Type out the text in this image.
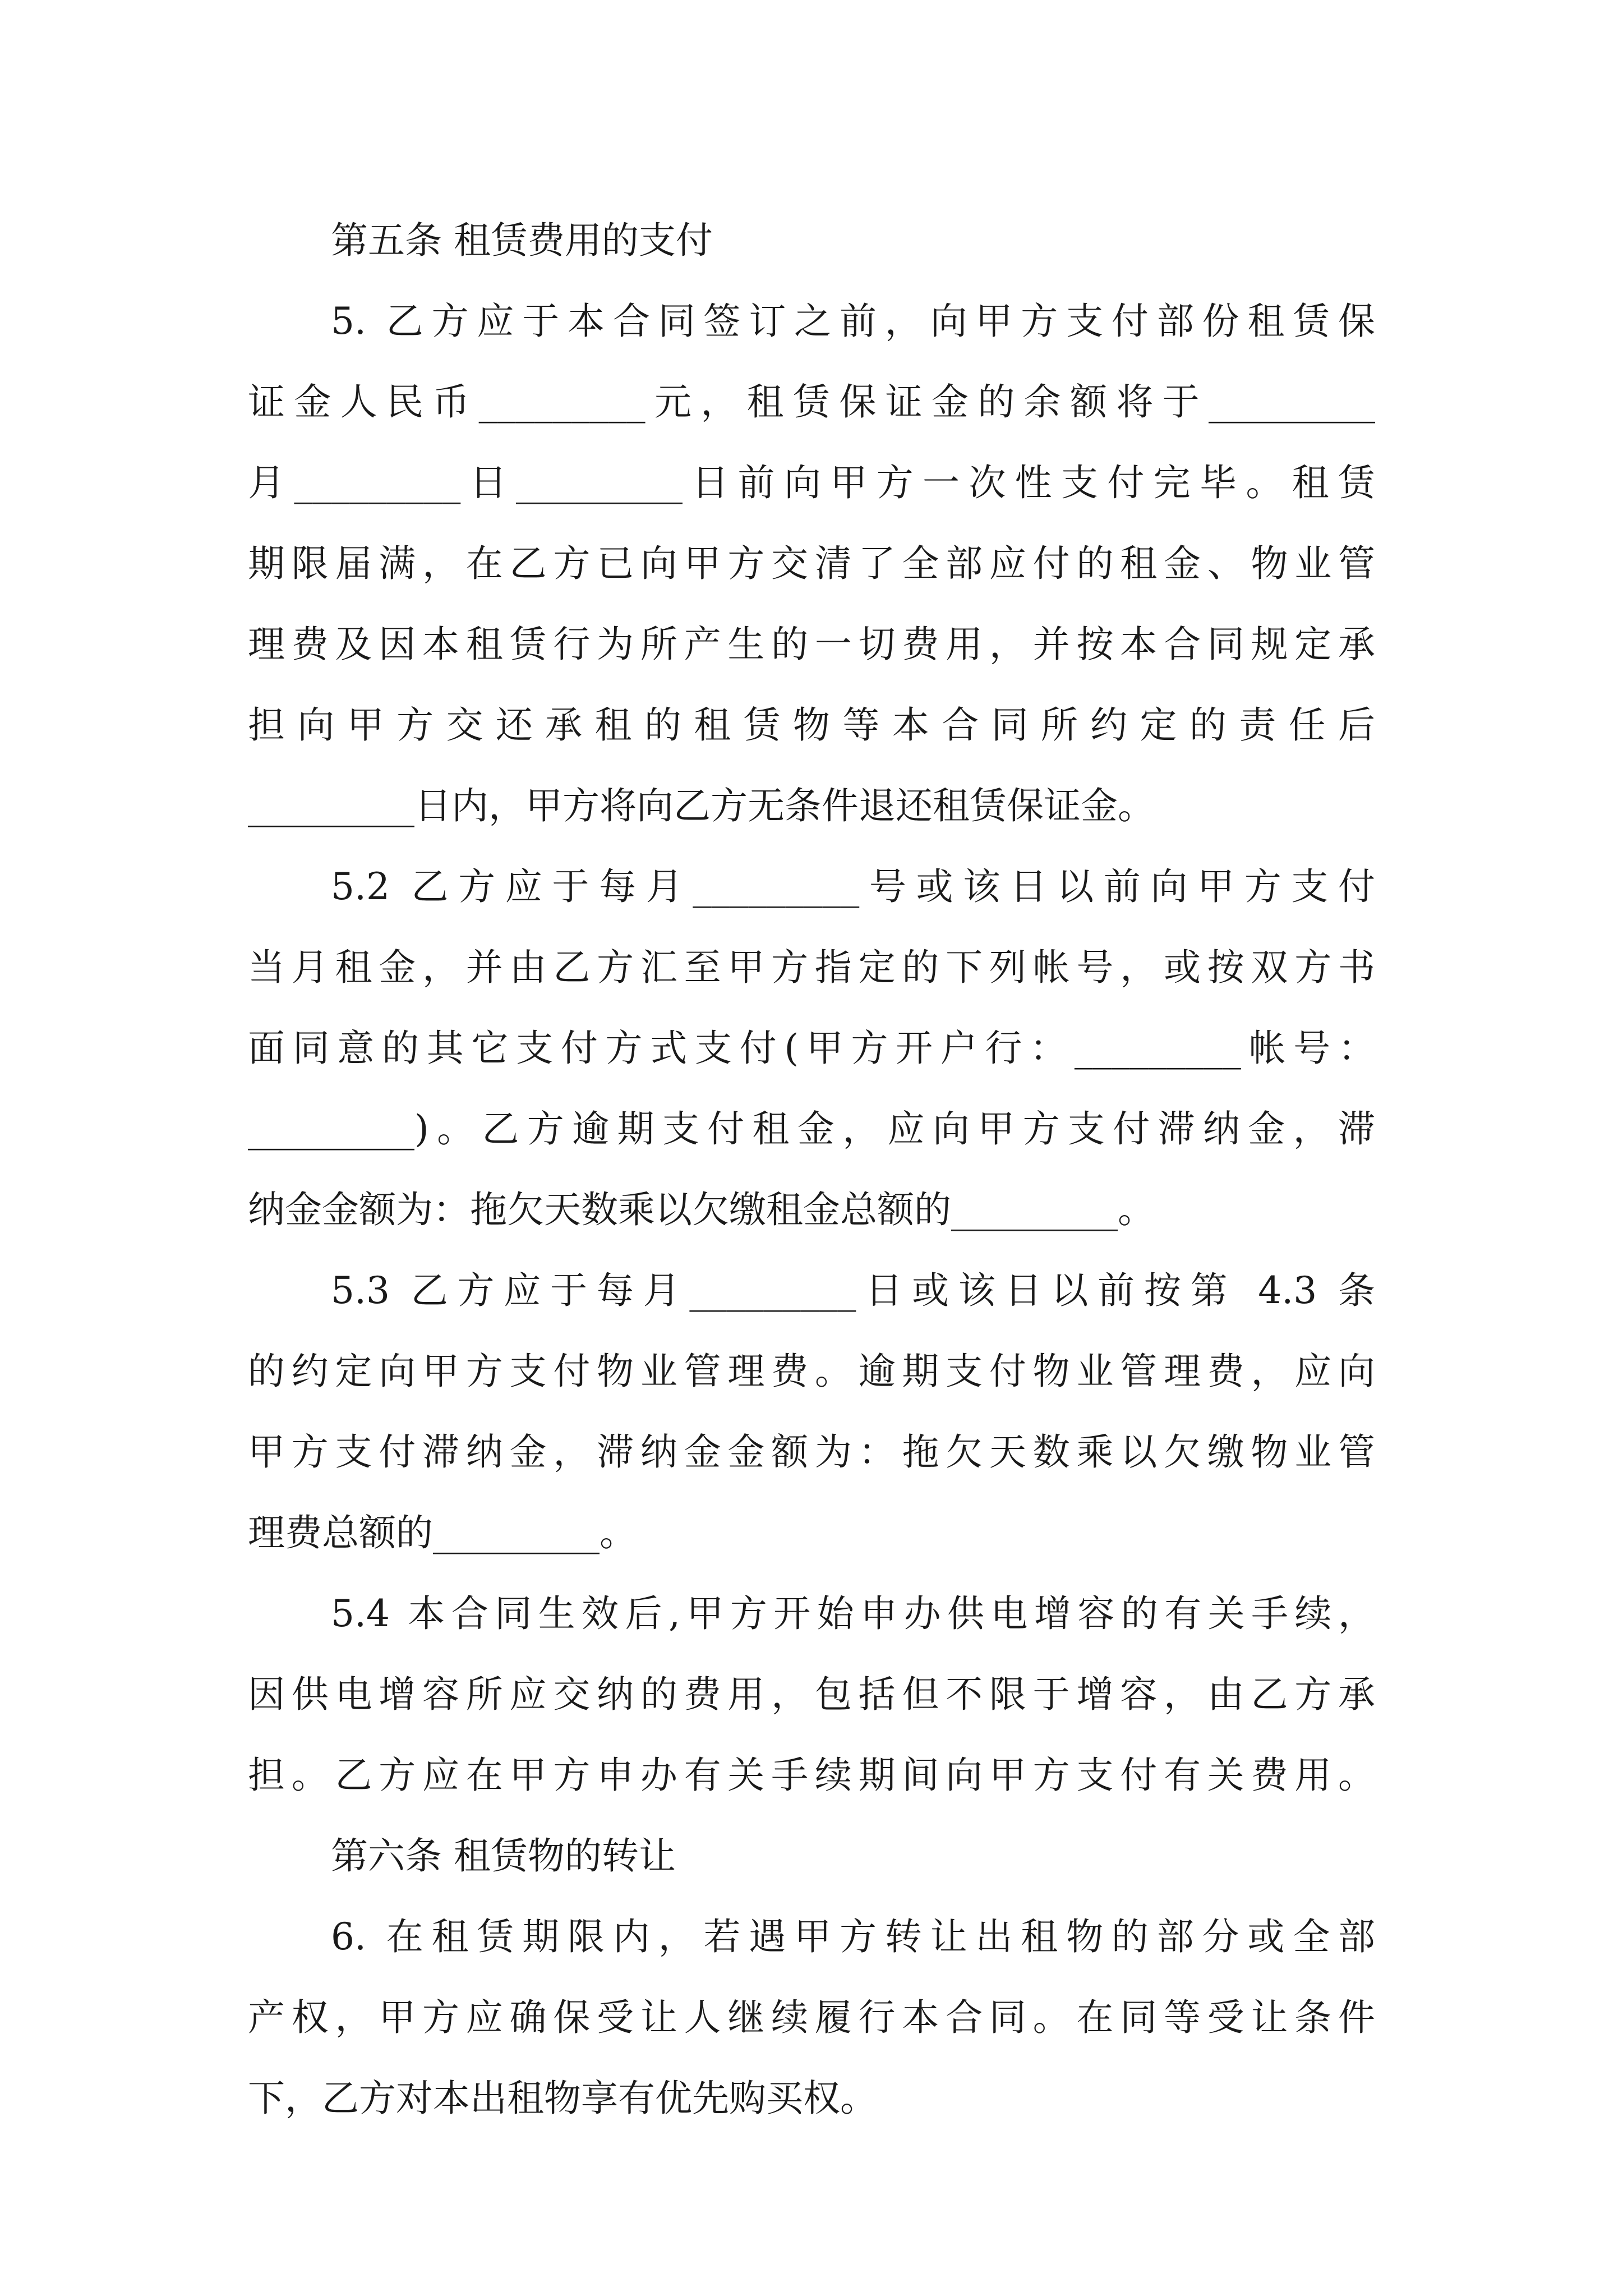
第五条 租赁费用的支付
5. 乙方应于本合同签订之前，向甲方支付部份租赁保
证金人民币_________元，租赁保证金的余额将于_________
月_________日_________日前向甲方一次性支付完毕。租赁
期限届满，在乙方已向甲方交清了全部应付的租金、物业管
理费及因本租赁行为所产生的一切费用，并按本合同规定承
担向甲方交还承租的租赁物等本合同所约定的责任后
_________日内，甲方将向乙方无条件退还租赁保证金。
5.2 乙方应于每月_________号或该日以前向甲方支付
当月租金，并由乙方汇至甲方指定的下列帐号，或按双方书
面同意的其它支付方式支付(甲方开户行：_________帐号：
_________)。乙方逾期支付租金，应向甲方支付滞纳金，滞
纳金金额为：拖欠天数乘以欠缴租金总额的_________。
5.3 乙方应于每月_________日或该日以前按第 4.3 条
的约定向甲方支付物业管理费。逾期支付物业管理费，应向
甲方支付滞纳金，滞纳金金额为：拖欠天数乘以欠缴物业管
理费总额的_________。
5.4 本合同生效后,甲方开始申办供电增容的有关手续，
因供电增容所应交纳的费用，包括但不限于增容，由乙方承
担。乙方应在甲方申办有关手续期间向甲方支付有关费用。
第六条 租赁物的转让
6. 在租赁期限内，若遇甲方转让出租物的部分或全部
产权，甲方应确保受让人继续履行本合同。在同等受让条件
下，乙方对本出租物享有优先购买权。
